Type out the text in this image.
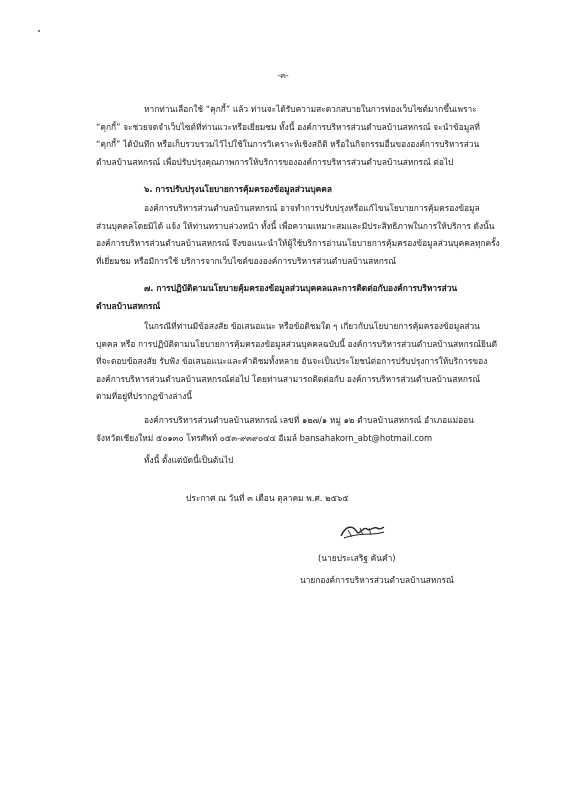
-๓-
หากท่านเลือกใช้ “คุกกี้” แล้ว ท่านจะได้รับความสะดวกสบายในการท่องเว็บไซต์มากขึ้นเพราะ
“คุกกี้” จะช่วยจดจำเว็บไซต์ที่ท่านแวะหรือเยี่ยมชม ทั้งนี้ องค์การบริหารส่วนตำบลบ้านสหกรณ์ จะนำข้อมูลที่
“คุกกี้” ได้บันทึก หรือเก็บรวบรวมไว้ไปใช้ในการวิเคราะห์เชิงสถิติ หรือในกิจกรรมอื่นขององค์การบริหารส่วน
ตำบลบ้านสหกรณ์ เพื่อปรับปรุงคุณภาพการให้บริการขององค์การบริหารส่วนตำบลบ้านสหกรณ์ ต่อไป
๖. การปรับปรุงนโยบายการคุ้มครองข้อมูลส่วนบุคคล
องค์การบริหารส่วนตำบลบ้านสหกรณ์ อาจทำการปรับปรุงหรือแก้ไขนโยบายการคุ้มครองข้อมูล
ส่วนบุคคลโดยมิได้ แจ้ง ให้ท่านทราบล่วงหน้า ทั้งนี้ เพื่อความเหมาะสมและมีประสิทธิภาพในการให้บริการ ดังนั้น
องค์การบริหารส่วนตำบลบ้านสหกรณ์ จึงขอแนะนำให้ผู้ใช้บริการอ่านนโยบายการคุ้มครองข้อมูลส่วนบุคคลทุกครั้ง
ที่เยี่ยมชม หรือมีการใช้ บริการจากเว็บไซต์ขององค์การบริหารส่วนตำบลบ้านสหกรณ์
๗. การปฏิบัติตามนโยบายคุ้มครองข้อมูลส่วนบุคคลและการติดต่อกับองค์การบริหารส่วน
ตำบลบ้านสหกรณ์
ในกรณีที่ท่านมีข้อสงสัย ข้อเสนอแนะ หรือข้อติชมใด ๆ เกี่ยวกับนโยบายการคุ้มครองข้อมูลส่วน
บุคคล หรือ การปฏิบัติตามนโยบายการคุ้มครองข้อมูลส่วนบุคคลฉบับนี้ องค์การบริหารส่วนตำบลบ้านสหกรณ์ยินดี
ที่จะตอบข้อสงสัย รับฟัง ข้อเสนอแนะและคำติชมทั้งหลาย อันจะเป็นประโยชน์ต่อการปรับปรุงการให้บริการของ
องค์การบริหารส่วนตำบลบ้านสหกรณ์ต่อไป โดยท่านสามารถติดต่อกับ องค์การบริหารส่วนตำบลบ้านสหกรณ์
ตามที่อยู่ที่ปรากฏข้างล่างนี้
องค์การบริหารส่วนตำบลบ้านสหกรณ์ เลขที่ ๑๒๗/๑ หมู่ ๑๒ ตำบลบ้านสหกรณ์ อำเภอแม่ออน
จังหวัดเชียงใหม่ ๕๐๑๓๐ โทรศัพท์ ๐๕๓-๙๓๙๐๔๔ อีเมล์ bansahakorn_abt@hotmail.com
ทั้งนี้ ตั้งแต่บัดนี้เป็นต้นไป
ประกาศ ณ วันที่ ๓ เดือน ตุลาคม พ.ศ. ๒๕๖๕
(นายประเสริฐ คันคำ)
นายกองค์การบริหารส่วนตำบลบ้านสหกรณ์
